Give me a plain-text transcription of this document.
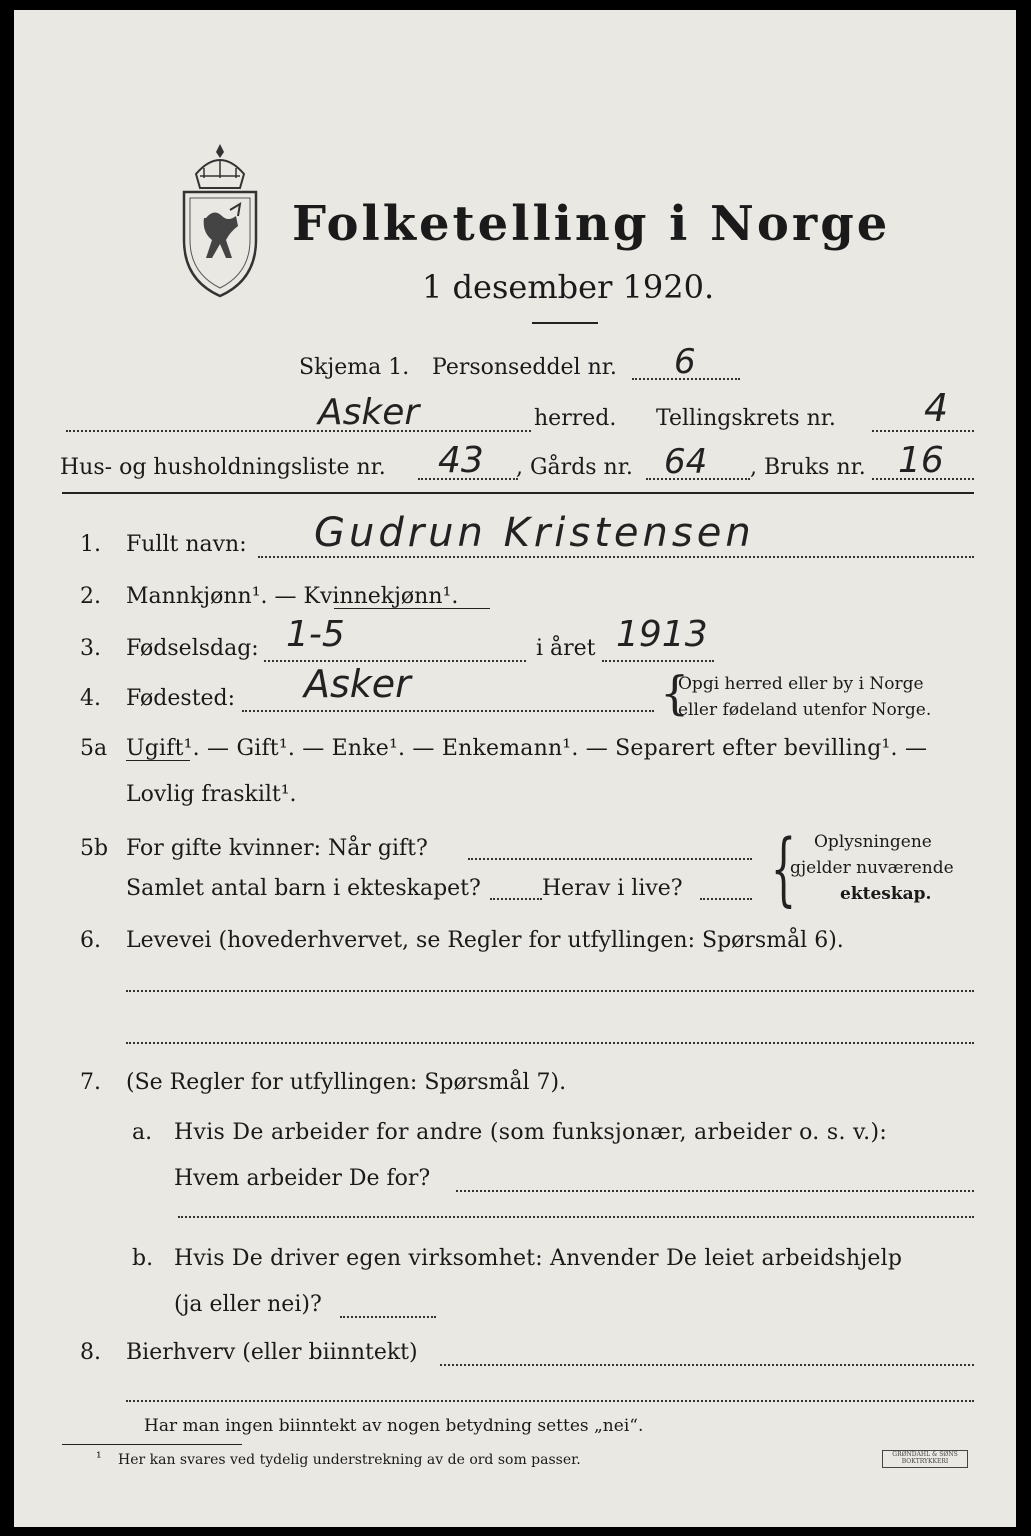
Folketelling i Norge
1 desember 1920.
Skjema 1. Personseddel nr. 6
Asker	herred. Tellingskrets nr. 4
Hus- og husholdningsliste nr. 43 , Gårds nr. 64 , Bruks nr. 16
1. Fullt navn: Gudrun Kristensen
2. Mannkjønn¹. — Kvinnekjønn¹.
3. Fødselsdag: 1-5	i året 1913
4. Fødested: Asker	{
Opgi herred eller by i Norge
eller fødeland utenfor Norge.
5a Ugift¹. — Gift¹. — Enke¹. — Enkemann¹. — Separert efter bevilling¹. —
Lovlig fraskilt¹.
5b For gifte kvinner: Når gift?
Samlet antal barn i ekteskapet?	Herav i live? { Oplysningene
gjelder nuværende
ekteskap.
6. Levevei (hovederhvervet, se Regler for utfyllingen: Spørsmål 6).
7. (Se Regler for utfyllingen: Spørsmål 7).
a. Hvis De arbeider for andre (som funksjonær, arbeider o. s. v.):
Hvem arbeider De for?
b. Hvis De driver egen virksomhet: Anvender De leiet arbeidshjelp
(ja eller nei)?
8. Bierhverv (eller biinntekt)
Har man ingen biinntekt av nogen betydning settes „nei“.
¹ Her kan svares ved tydelig understrekning av de ord som passer.	GRØNDAHL & SØNS BOKTRYKKERI
